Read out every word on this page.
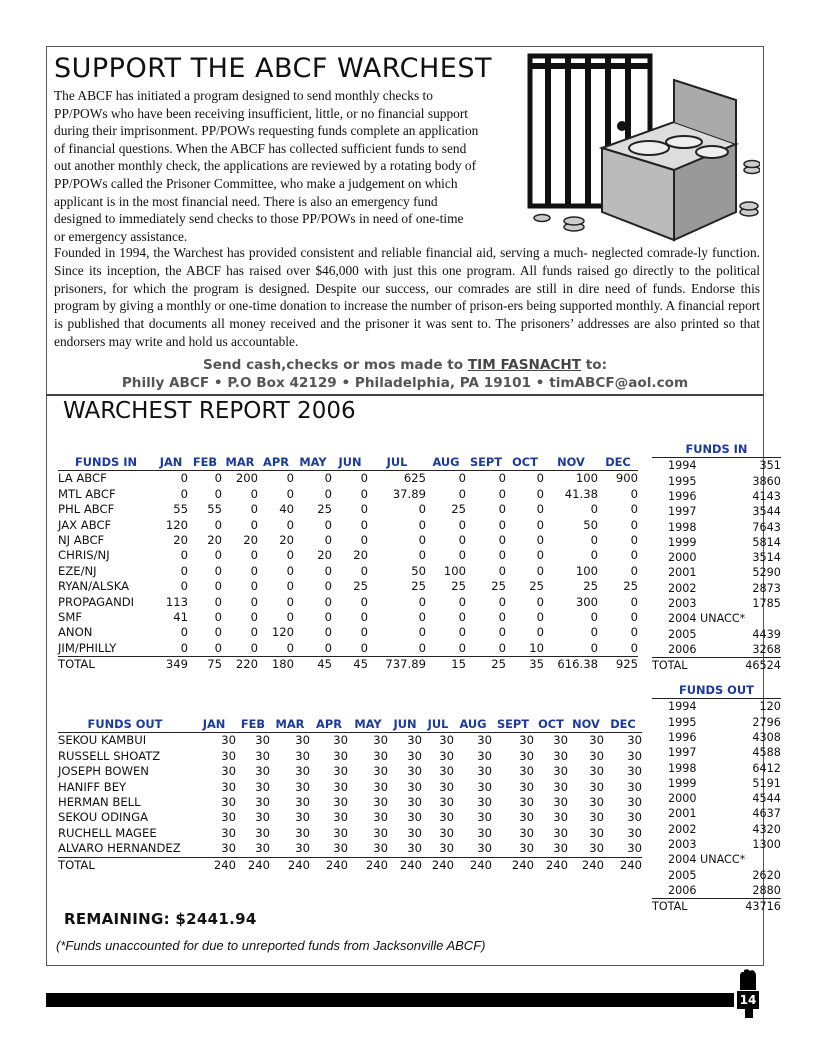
SUPPORT THE ABCF WARCHEST

The ABCF has initiated a program designed to send monthly checks to
PP/POWs who have been receiving insufficient, little, or no financial support
during their imprisonment. PP/POWs requesting funds complete an application
of financial questions. When the ABCF has collected sufficient funds to send
out another monthly check, the applications are reviewed by a rotating body of
PP/POWs called the Prisoner Committee, who make a judgement on which
applicant is in the most financial need. There is also an emergency fund
designed to immediately send checks to those PP/POWs in need of one-time
or emergency assistance.

Founded in 1994, the Warchest has provided consistent and reliable financial aid, serving a much- neglected comrade-ly function. Since its inception, the ABCF has raised over $46,000 with just this one program. All funds raised go directly to the political prisoners, for which the program is designed. Despite our success, our comrades are still in dire need of funds. Endorse this program by giving a monthly or one-time donation to increase the number of prison-ers being supported monthly. A financial report is published that documents all money received and the prisoner it was sent to. The prisoners’ addresses are also printed so that endorsers may write and hold us accountable.

Send cash,checks or mos made to TIM FASNACHT to:
Philly ABCF • P.O Box 42129 • Philadelphia, PA 19101 • timABCF@aol.com
WARCHEST REPORT 2006
FUNDS IN	JAN	FEB	MAR	APR	MAY	JUN	JUL	AUG	SEPT	OCT	NOV	DEC
LA ABCF	0	0	200	0	0	0	625	0	0	0	100	900
MTL ABCF	0	0	0	0	0	0	37.89	0	0	0	41.38	0
PHL ABCF	55	55	0	40	25	0	0	25	0	0	0	0
JAX ABCF	120	0	0	0	0	0	0	0	0	0	50	0
NJ ABCF	20	20	20	20	0	0	0	0	0	0	0	0
CHRIS/NJ	0	0	0	0	20	20	0	0	0	0	0	0
EZE/NJ	0	0	0	0	0	0	50	100	0	0	100	0
RYAN/ALSKA	0	0	0	0	0	25	25	25	25	25	25	25
PROPAGANDI	113	0	0	0	0	0	0	0	0	0	300	0
SMF	41	0	0	0	0	0	0	0	0	0	0	0
ANON	0	0	0	120	0	0	0	0	0	0	0	0
JIM/PHILLY	0	0	0	0	0	0	0	0	0	10	0	0
TOTAL	349	75	220	180	45	45	737.89	15	25	35	616.38	925
FUNDS OUT	JAN	FEB	MAR	APR	MAY	JUN	JUL	AUG	SEPT	OCT	NOV	DEC
SEKOU KAMBUI	30	30	30	30	30	30	30	30	30	30	30	30
RUSSELL SHOATZ	30	30	30	30	30	30	30	30	30	30	30	30
JOSEPH BOWEN	30	30	30	30	30	30	30	30	30	30	30	30
HANIFF BEY	30	30	30	30	30	30	30	30	30	30	30	30
HERMAN BELL	30	30	30	30	30	30	30	30	30	30	30	30
SEKOU ODINGA	30	30	30	30	30	30	30	30	30	30	30	30
RUCHELL MAGEE	30	30	30	30	30	30	30	30	30	30	30	30
ALVARO HERNANDEZ	30	30	30	30	30	30	30	30	30	30	30	30
TOTAL	240	240	240	240	240	240	240	240	240	240	240	240
FUNDS IN	
1994	351
1995	3860
1996	4143
1997	3544
1998	7643
1999	5814
2000	3514
2001	5290
2002	2873
2003	1785
2004 UNACC*	
2005	4439
2006	3268
TOTAL	46524
FUNDS OUT	
1994	120
1995	2796
1996	4308
1997	4588
1998	6412
1999	5191
2000	4544
2001	4637
2002	4320
2003	1300
2004 UNACC*	
2005	2620
2006	2880
TOTAL	43716
REMAINING: $2441.94
(*Funds unaccounted for due to unreported funds from Jacksonville ABCF)
14
